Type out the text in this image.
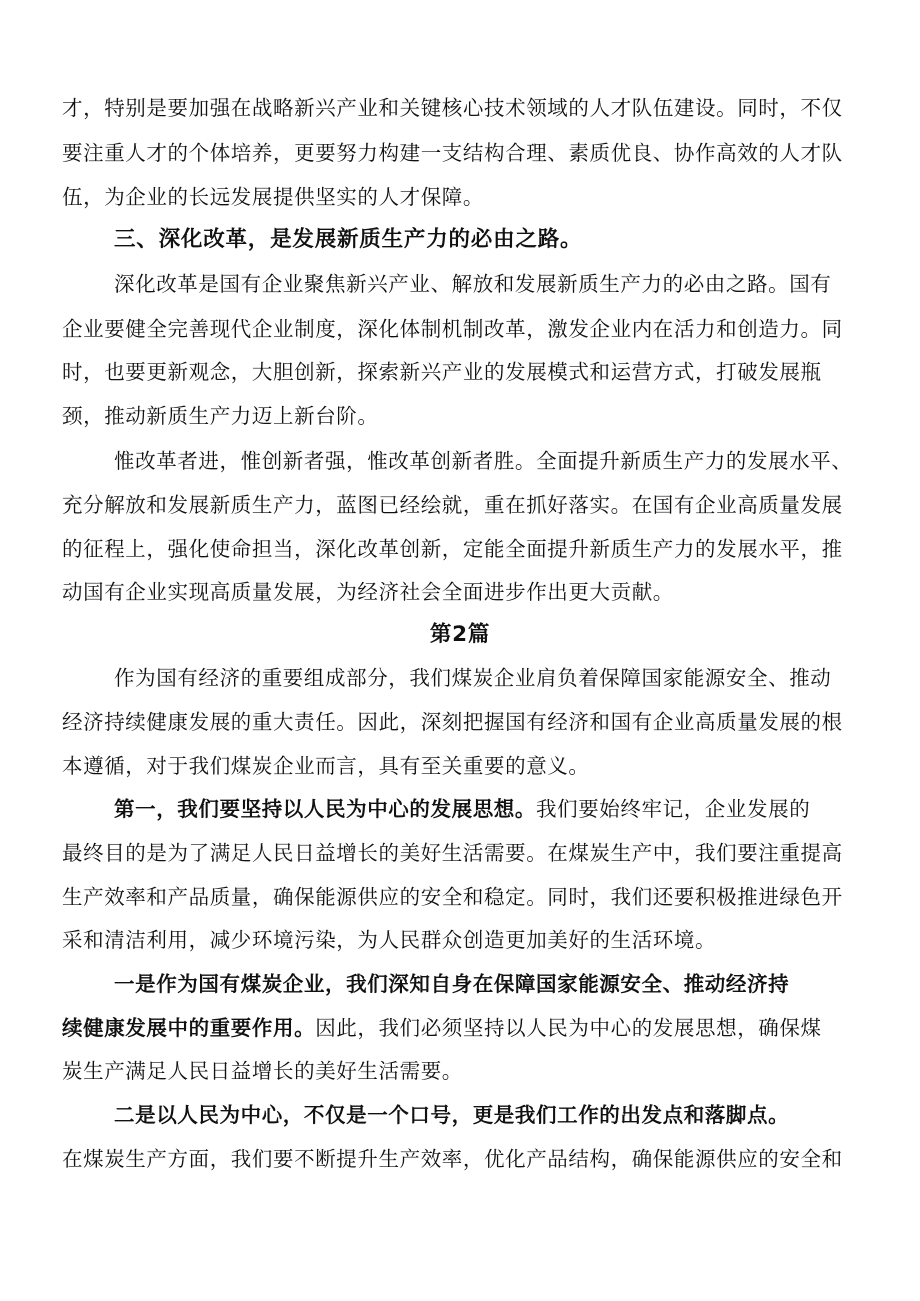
才，特别是要加强在战略新兴产业和关键核心技术领域的人才队伍建设。同时，不仅
要注重人才的个体培养，更要努力构建一支结构合理、素质优良、协作高效的人才队
伍，为企业的长远发展提供坚实的人才保障。
三、深化改革，是发展新质生产力的必由之路。
深化改革是国有企业聚焦新兴产业、解放和发展新质生产力的必由之路。国有
企业要健全完善现代企业制度，深化体制机制改革，激发企业内在活力和创造力。同
时，也要更新观念，大胆创新，探索新兴产业的发展模式和运营方式，打破发展瓶
颈，推动新质生产力迈上新台阶。
惟改革者进，惟创新者强，惟改革创新者胜。全面提升新质生产力的发展水平、
充分解放和发展新质生产力，蓝图已经绘就，重在抓好落实。在国有企业高质量发展
的征程上，强化使命担当，深化改革创新，定能全面提升新质生产力的发展水平，推
动国有企业实现高质量发展，为经济社会全面进步作出更大贡献。
第2篇
作为国有经济的重要组成部分，我们煤炭企业肩负着保障国家能源安全、推动
经济持续健康发展的重大责任。因此，深刻把握国有经济和国有企业高质量发展的根
本遵循，对于我们煤炭企业而言，具有至关重要的意义。
第一，我们要坚持以人民为中心的发展思想。我们要始终牢记，企业发展的
最终目的是为了满足人民日益增长的美好生活需要。在煤炭生产中，我们要注重提高
生产效率和产品质量，确保能源供应的安全和稳定。同时，我们还要积极推进绿色开
采和清洁利用，减少环境污染，为人民群众创造更加美好的生活环境。
一是作为国有煤炭企业，我们深知自身在保障国家能源安全、推动经济持
续健康发展中的重要作用。因此，我们必须坚持以人民为中心的发展思想，确保煤
炭生产满足人民日益增长的美好生活需要。
二是以人民为中心，不仅是一个口号，更是我们工作的出发点和落脚点。
在煤炭生产方面，我们要不断提升生产效率，优化产品结构，确保能源供应的安全和
